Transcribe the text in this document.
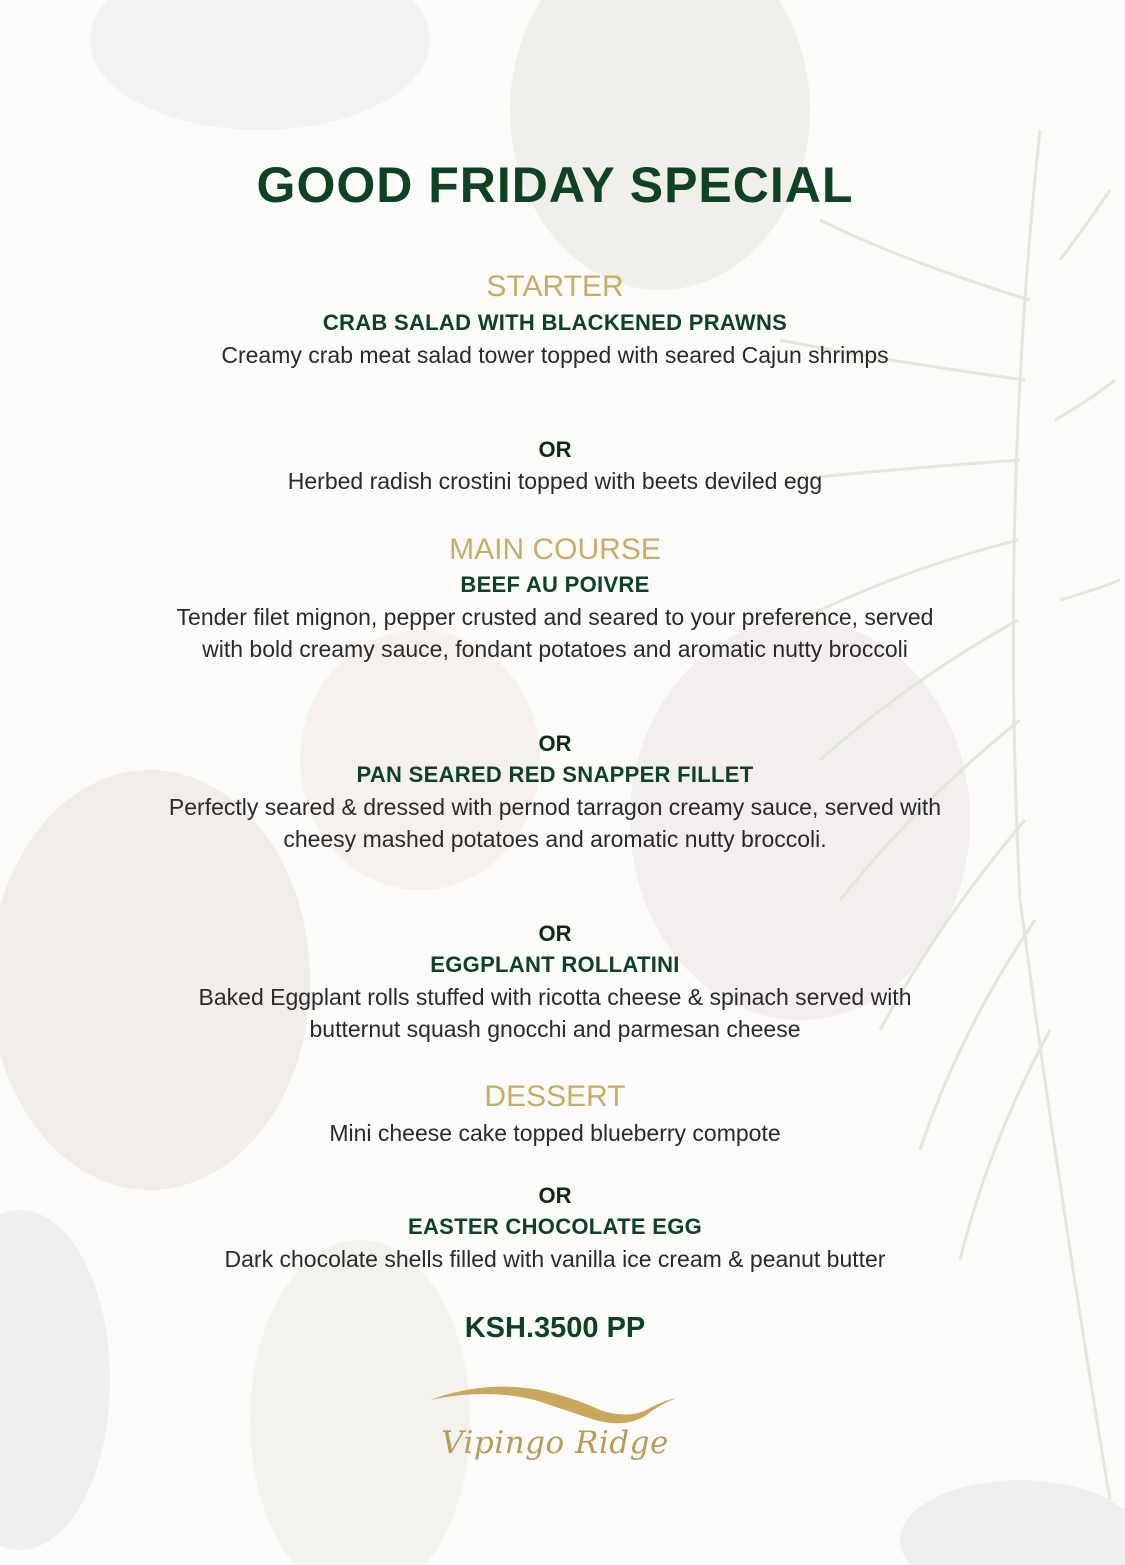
GOOD FRIDAY SPECIAL
STARTER
CRAB SALAD WITH BLACKENED PRAWNS

Creamy crab meat salad tower topped with seared Cajun shrimps

OR

Herbed radish crostini topped with beets deviled egg

MAIN COURSE
BEEF AU POIVRE

Tender filet mignon, pepper crusted and seared to your preference, served with bold creamy sauce, fondant potatoes and aromatic nutty broccoli

OR
PAN SEARED RED SNAPPER FILLET

Perfectly seared & dressed with pernod tarragon creamy sauce, served with cheesy mashed potatoes and aromatic nutty broccoli.

OR
EGGPLANT ROLLATINI

Baked Eggplant rolls stuffed with ricotta cheese & spinach served with butternut squash gnocchi and parmesan cheese

DESSERT

Mini cheese cake topped blueberry compote

OR
EASTER CHOCOLATE EGG

Dark chocolate shells filled with vanilla ice cream & peanut butter

KSH.3500 PP
Vipingo Ridge
